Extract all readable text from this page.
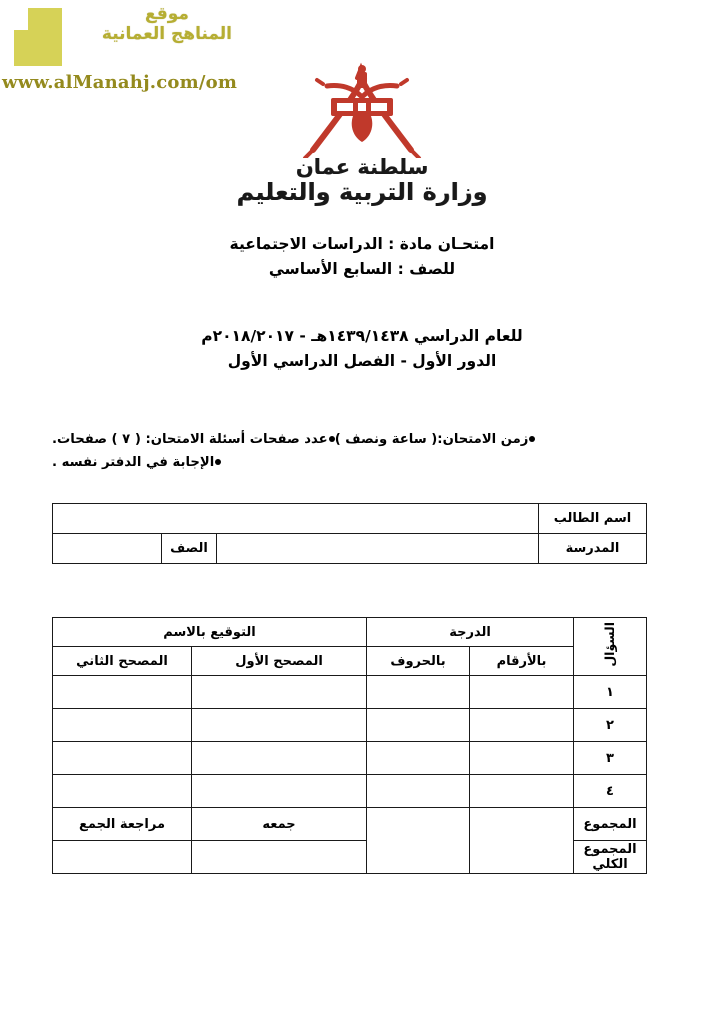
موقع
المناهج العمانية
www.alManahj.com/om
سلطنة عمان
وزارة التربية والتعليم
امتحـان مادة : الدراسات الاجتماعية
للصف : السابع الأساسي
للعام الدراسي ١٤٣٩/١٤٣٨هـ - ٢٠١٨/٢٠١٧م
الدور الأول - الفصل الدراسي الأول
زمن الامتحان:( ساعة ونصف )عدد صفحات أسئلة الامتحان: ( ٧ ) صفحات.
الإجابة في الدفتر نفسه .
اسم الطالب			
المدرسة		الصف	
السؤال	الدرجة		التوقيع بالاسم	
	بالأرقام	بالحروف	المصحح الأول	المصحح الثاني
١				
٢				
٣				
٤				
المجموع			جمعه	مراجعة الجمع
المجموع الكلي				
